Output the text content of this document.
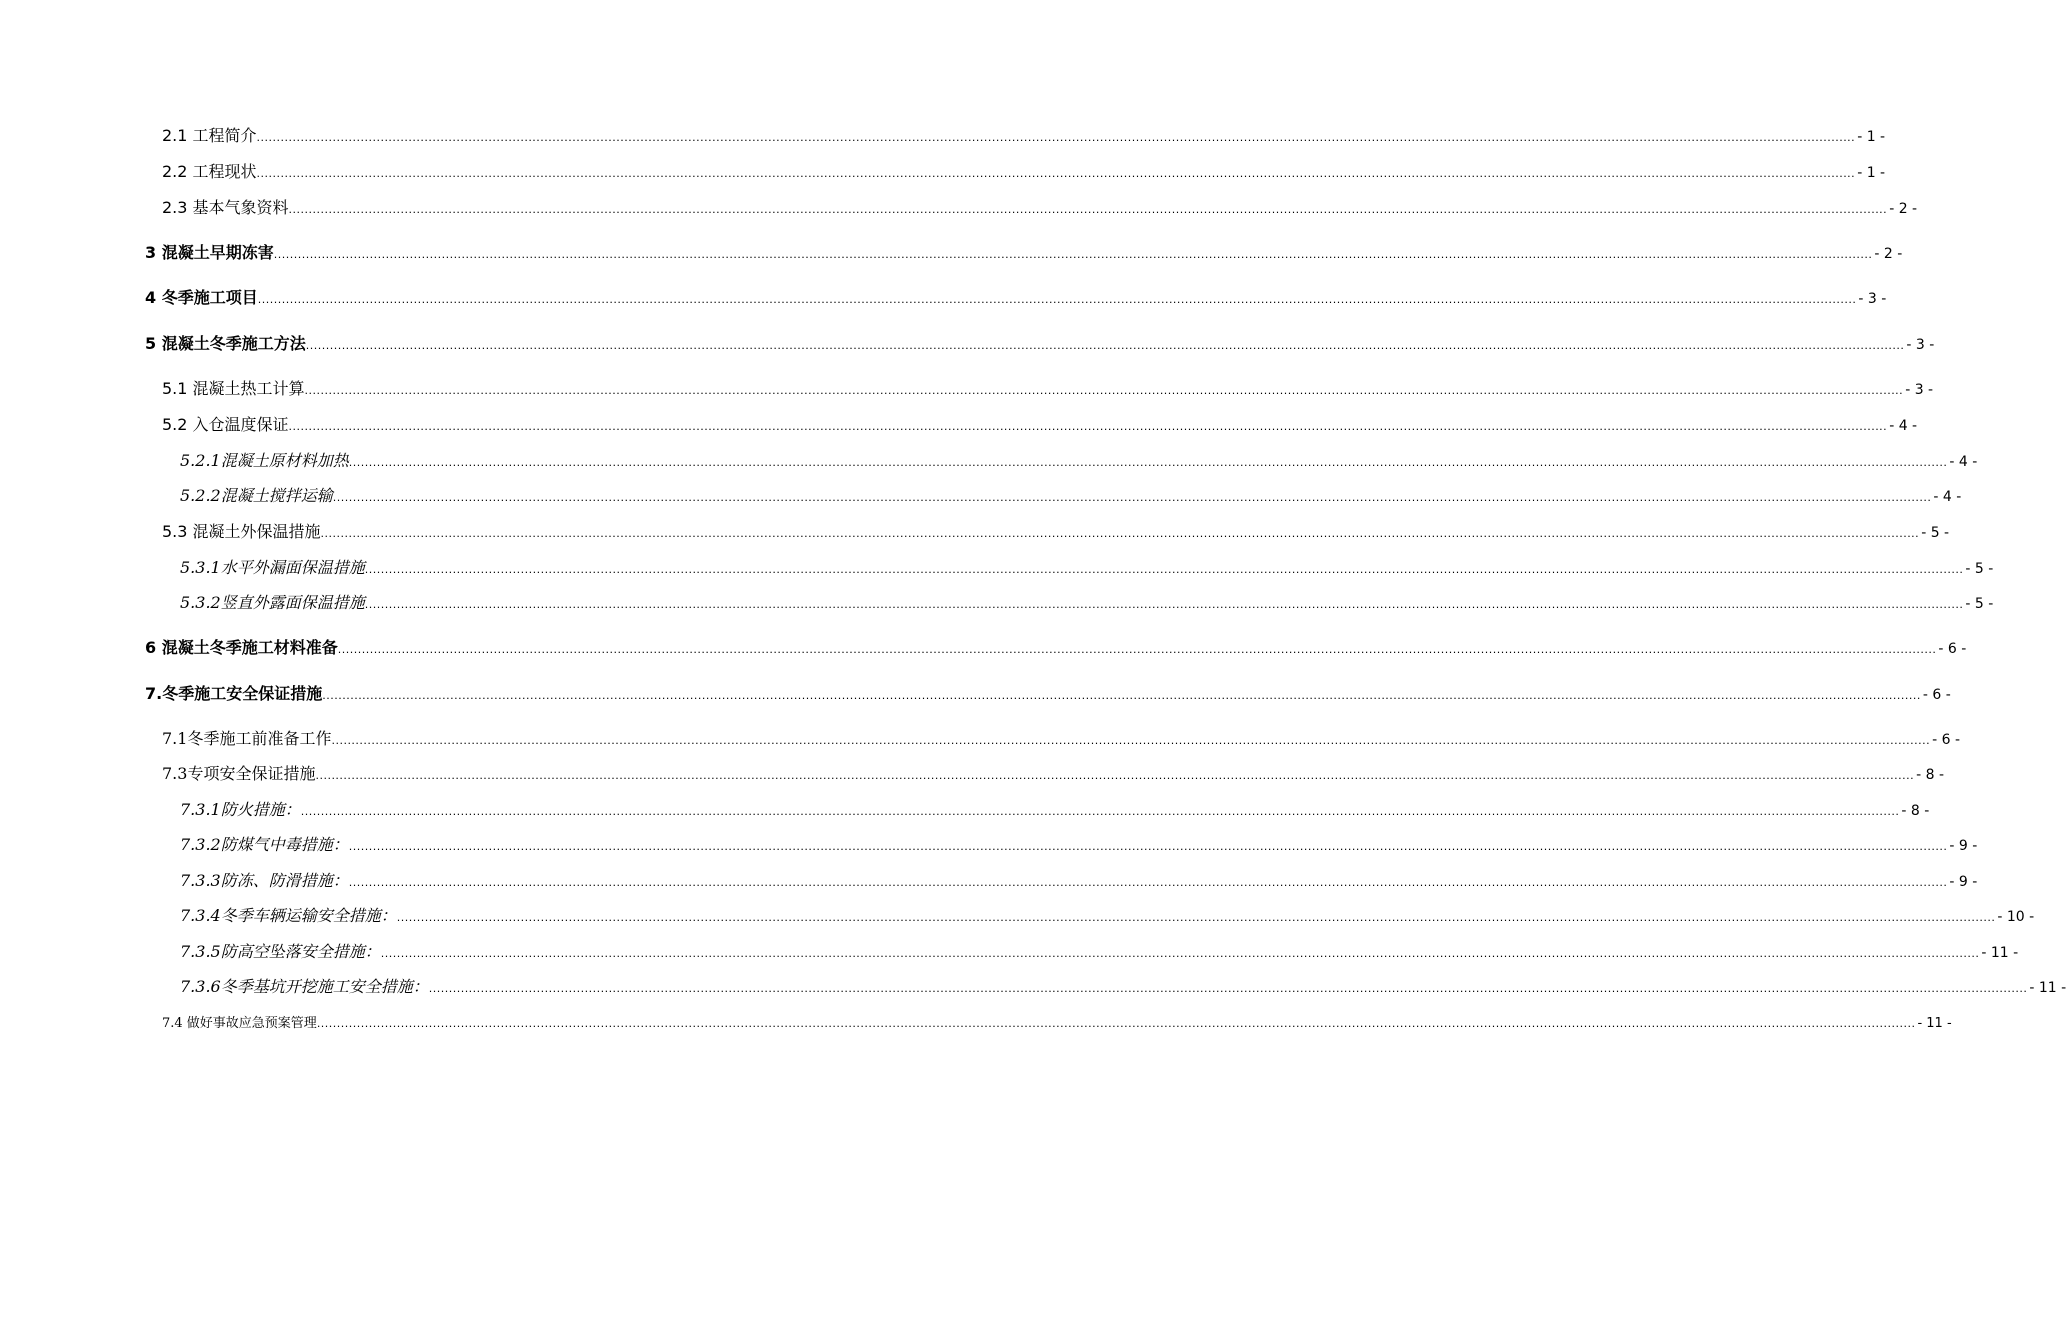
2.1 工程简介 ................................................................................................................................................................................................................................................................................................................................................................................................................ - 1 -
2.2 工程现状 ................................................................................................................................................................................................................................................................................................................................................................................................................ - 1 -
2.3 基本气象资料 ................................................................................................................................................................................................................................................................................................................................................................................................................ - 2 -
3 混凝土早期冻害 ................................................................................................................................................................................................................................................................................................................................................................................................................ - 2 -
4 冬季施工项目 ................................................................................................................................................................................................................................................................................................................................................................................................................ - 3 -
5 混凝土冬季施工方法 ................................................................................................................................................................................................................................................................................................................................................................................................................ - 3 -
5.1 混凝土热工计算 ................................................................................................................................................................................................................................................................................................................................................................................................................ - 3 -
5.2 入仓温度保证 ................................................................................................................................................................................................................................................................................................................................................................................................................ - 4 -
5.2.1混凝土原材料加热 ................................................................................................................................................................................................................................................................................................................................................................................................................ - 4 -
5.2.2混凝土搅拌运输 ................................................................................................................................................................................................................................................................................................................................................................................................................ - 4 -
5.3 混凝土外保温措施 ................................................................................................................................................................................................................................................................................................................................................................................................................ - 5 -
5.3.1水平外漏面保温措施 ................................................................................................................................................................................................................................................................................................................................................................................................................ - 5 -
5.3.2竖直外露面保温措施 ................................................................................................................................................................................................................................................................................................................................................................................................................ - 5 -
6 混凝土冬季施工材料准备 ................................................................................................................................................................................................................................................................................................................................................................................................................ - 6 -
7.冬季施工安全保证措施 ................................................................................................................................................................................................................................................................................................................................................................................................................ - 6 -
7.1冬季施工前准备工作 ................................................................................................................................................................................................................................................................................................................................................................................................................ - 6 -
7.3专项安全保证措施 ................................................................................................................................................................................................................................................................................................................................................................................................................ - 8 -
7.3.1防火措施： ................................................................................................................................................................................................................................................................................................................................................................................................................ - 8 -
7.3.2防煤气中毒措施： ................................................................................................................................................................................................................................................................................................................................................................................................................ - 9 -
7.3.3防冻、防滑措施： ................................................................................................................................................................................................................................................................................................................................................................................................................ - 9 -
7.3.4冬季车辆运输安全措施： ................................................................................................................................................................................................................................................................................................................................................................................................................ - 10 -
7.3.5防高空坠落安全措施： ................................................................................................................................................................................................................................................................................................................................................................................................................ - 11 -
7.3.6冬季基坑开挖施工安全措施： ................................................................................................................................................................................................................................................................................................................................................................................................................ - 11 -
7.4 做好事故应急预案管理 ................................................................................................................................................................................................................................................................................................................................................................................................................ - 11 -
